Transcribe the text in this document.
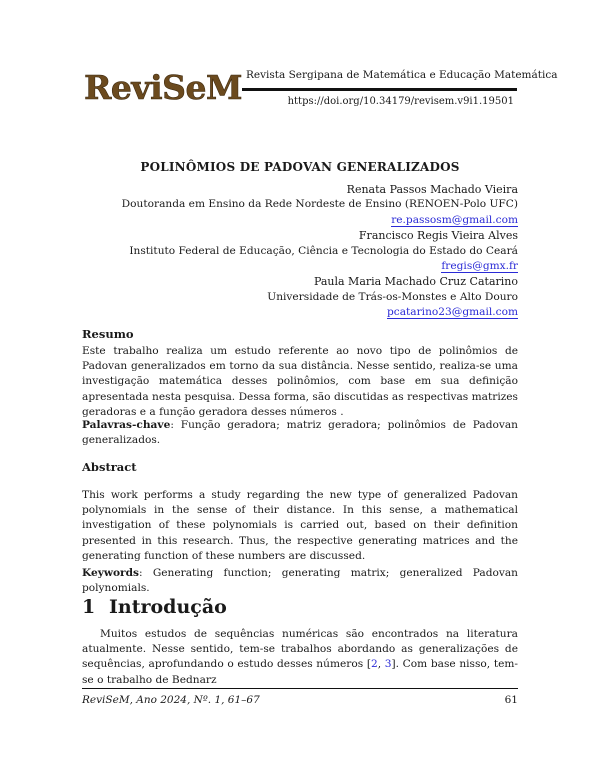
ReviSeM Revista Sergipana de Matemática e Educação Matemática
https://doi.org/10.34179/revisem.v9i1.19501
POLINÔMIOS DE PADOVAN GENERALIZADOS
Renata Passos Machado Vieira
Doutoranda em Ensino da Rede Nordeste de Ensino (RENOEN-Polo UFC)
re.passosm@gmail.com
Francisco Regis Vieira Alves
Instituto Federal de Educação, Ciência e Tecnologia do Estado do Ceará
fregis@gmx.fr
Paula Maria Machado Cruz Catarino
Universidade de Trás-os-Monstes e Alto Douro
pcatarino23@gmail.com
Resumo
Este trabalho realiza um estudo referente ao novo tipo de polinômios de Padovan generalizados em torno da sua distância. Nesse sentido, realiza-se uma investigação matemática desses polinômios, com base em sua definição apresentada nesta pesquisa. Dessa forma, são discutidas as respectivas matrizes geradoras e a função geradora desses números .
Palavras-chave: Função geradora; matriz geradora; polinômios de Padovan generalizados.
Abstract
This work performs a study regarding the new type of generalized Padovan polynomials in the sense of their distance. In this sense, a mathematical investigation of these polynomials is carried out, based on their definition presented in this research. Thus, the respective generating matrices and the generating function of these numbers are discussed.
Keywords: Generating function; generating matrix; generalized Padovan polynomials.
1 Introdução
Muitos estudos de sequências numéricas são encontrados na literatura atualmente. Nesse sentido, tem-se trabalhos abordando as generalizações de sequências, aprofundando o estudo desses números [2, 3]. Com base nisso, tem-se o trabalho de Bednarz
ReviSeM, Ano 2024, Nº. 1, 61–67	61
